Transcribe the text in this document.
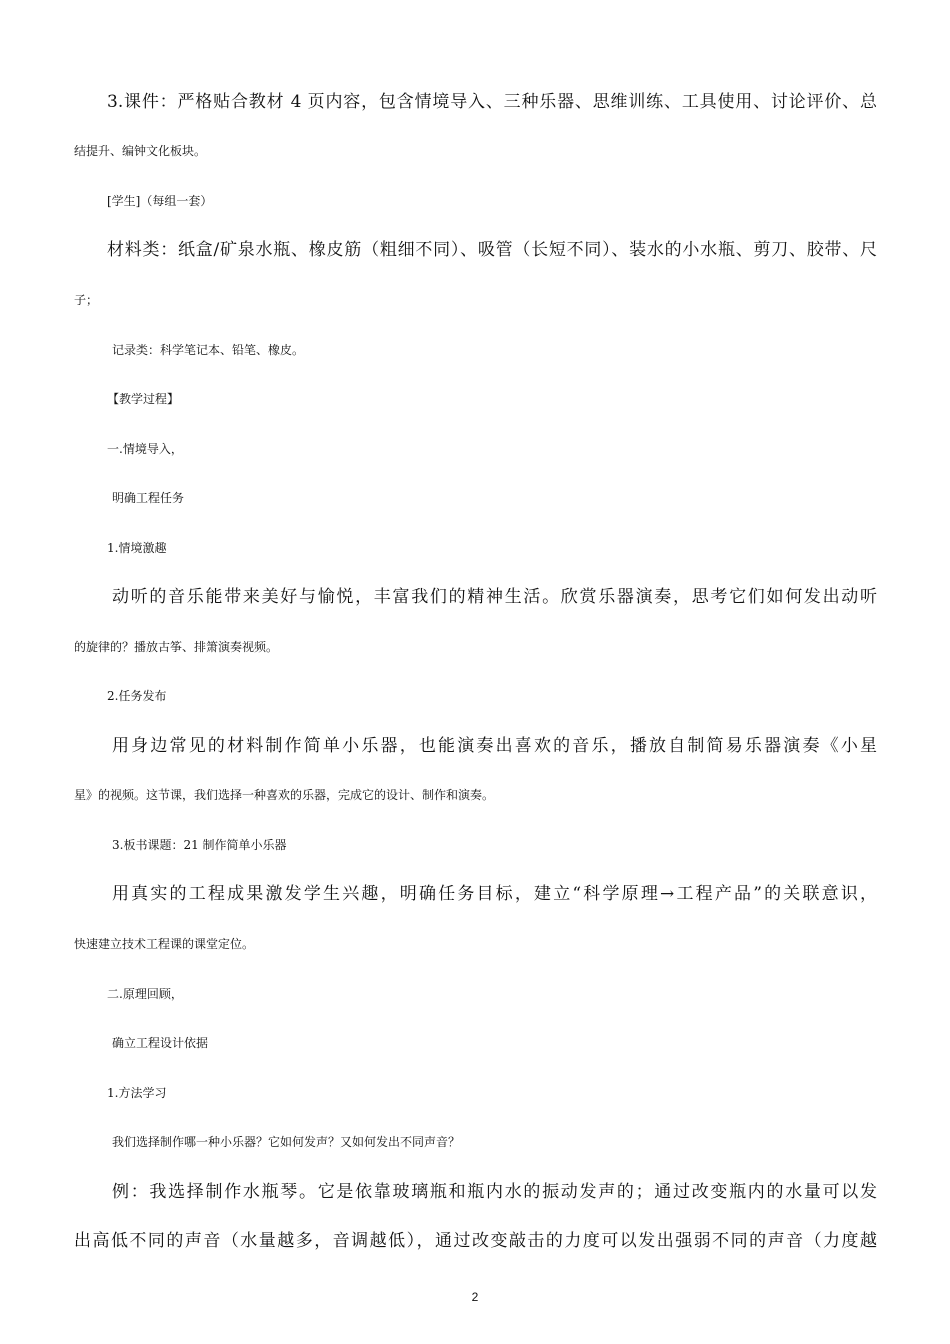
3.课件：严格贴合教材 4 页内容，包含情境导入、三种乐器、思维训练、工具使用、讨论评价、总
结提升、编钟文化板块。
[学生]（每组一套）
材料类：纸盒/矿泉水瓶、橡皮筋（粗细不同）、吸管（长短不同）、装水的小水瓶、剪刀、胶带、尺
子；
记录类：科学笔记本、铅笔、橡皮。
【教学过程】
一.情境导入，
明确工程任务
1.情境激趣
动听的音乐能带来美好与愉悦，丰富我们的精神生活。欣赏乐器演奏，思考它们如何发出动听
的旋律的？播放古筝、排箫演奏视频。
2.任务发布
用身边常见的材料制作简单小乐器，也能演奏出喜欢的音乐，播放自制简易乐器演奏《小星
星》的视频。这节课，我们选择一种喜欢的乐器，完成它的设计、制作和演奏。
3.板书课题：21 制作简单小乐器
用真实的工程成果激发学生兴趣，明确任务目标，建立“科学原理→工程产品”的关联意识，
快速建立技术工程课的课堂定位。
二.原理回顾，
确立工程设计依据
1.方法学习
我们选择制作哪一种小乐器？它如何发声？又如何发出不同声音？
例：我选择制作水瓶琴。它是依靠玻璃瓶和瓶内水的振动发声的；通过改变瓶内的水量可以发
出高低不同的声音（水量越多，音调越低），通过改变敲击的力度可以发出强弱不同的声音（力度越
2
